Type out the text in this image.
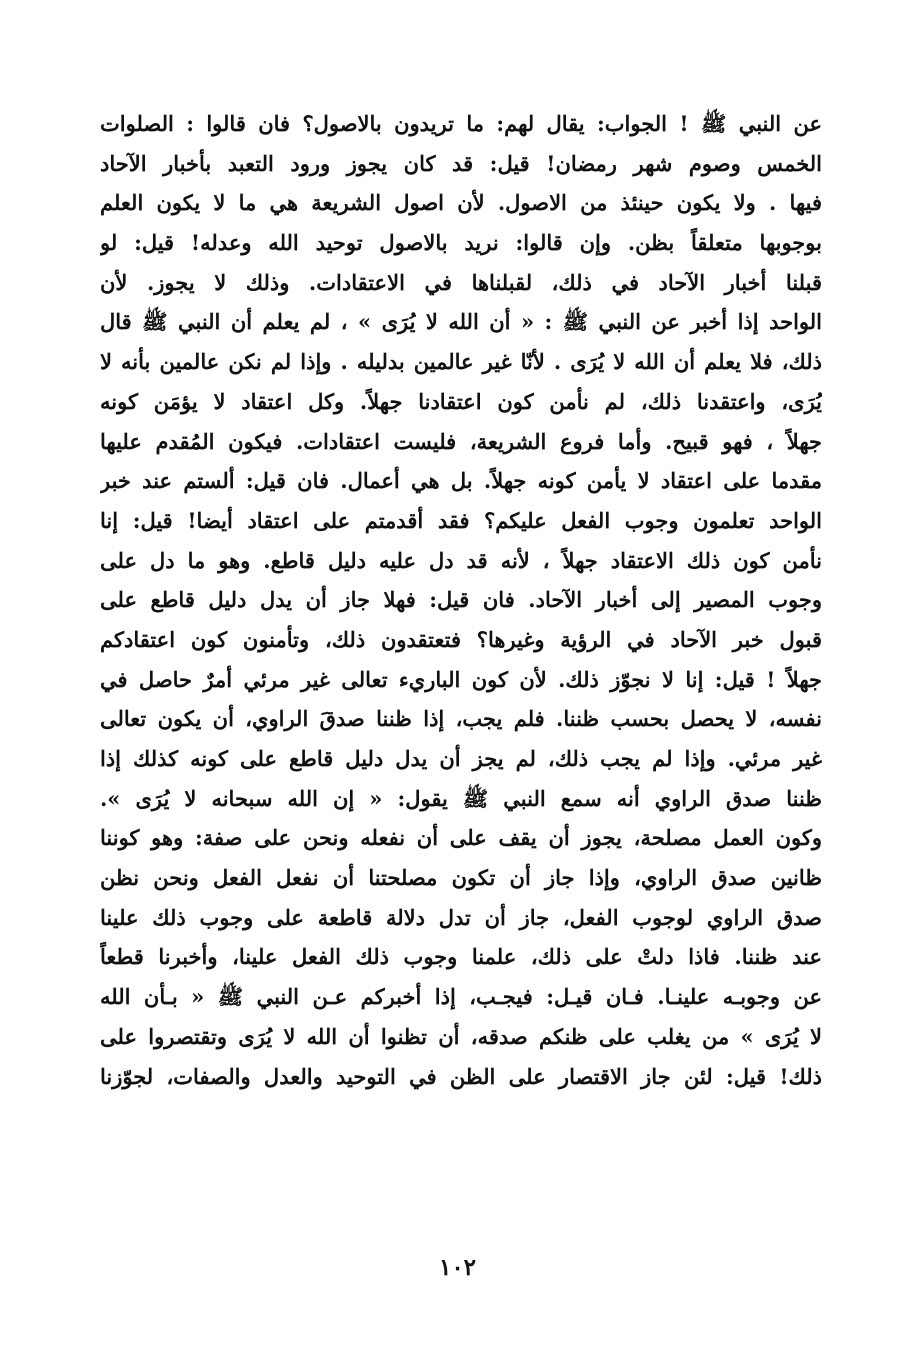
عن النبي ﷺ ! الجواب: يقال لهم: ما تريدون بالاصول؟ فان قالوا : الصلوات
الخمس وصوم شهر رمضان! قيل: قد كان يجوز ورود التعبد بأخبار الآحاد
فيها . ولا يكون حينئذ من الاصول. لأن اصول الشريعة هي ما لا يكون العلم
بوجوبها متعلقاً بظن. وإن قالوا: نريد بالاصول توحيد الله وعدله! قيل: لو
قبلنا أخبار الآحاد في ذلك، لقبلناها في الاعتقادات. وذلك لا يجوز. لأن
الواحد إذا أخبر عن النبي ﷺ : « أن الله لا يُرَى » ، لم يعلم أن النبي ﷺ قال
ذلك، فلا يعلم أن الله لا يُرَى . لأنّا غير عالمين بدليله . وإذا لم نكن عالمين بأنه لا
يُرَى، واعتقدنا ذلك، لم نأمن كون اعتقادنا جهلاً. وكل اعتقاد لا يؤمَن كونه
جهلاً ، فهو قبيح. وأما فروع الشريعة، فليست اعتقادات. فيكون المُقدم عليها
مقدما على اعتقاد لا يأمن كونه جهلاً. بل هي أعمال. فان قيل: ألستم عند خبر
الواحد تعلمون وجوب الفعل عليكم؟ فقد أقدمتم على اعتقاد أيضا! قيل: إنا
نأمن كون ذلك الاعتقاد جهلاً ، لأنه قد دل عليه دليل قاطع. وهو ما دل على
وجوب المصير إلى أخبار الآحاد. فان قيل: فهلا جاز أن يدل دليل قاطع على
قبول خبر الآحاد في الرؤية وغيرها؟ فتعتقدون ذلك، وتأمنون كون اعتقادكم
جهلاً ! قيل: إنا لا نجوّز ذلك. لأن كون الباريء تعالى غير مرئي أمرٌ حاصل في
نفسه، لا يحصل بحسب ظننا. فلم يجب، إذا ظننا صدقَ الراوي، أن يكون تعالى
غير مرئي. وإذا لم يجب ذلك، لم يجز أن يدل دليل قاطع على كونه كذلك إذا
ظننا صدق الراوي أنه سمع النبي ﷺ يقول: « إن الله سبحانه لا يُرَى ».
وكون العمل مصلحة، يجوز أن يقف على أن نفعله ونحن على صفة: وهو كوننا
ظانين صدق الراوي، وإذا جاز أن تكون مصلحتنا أن نفعل الفعل ونحن نظن
صدق الراوي لوجوب الفعل، جاز أن تدل دلالة قاطعة على وجوب ذلك علينا
عند ظننا. فاذا دلتْ على ذلك، علمنا وجوب ذلك الفعل علينا، وأخبرنا قطعاً
عن وجوبـه علينـا. فـان قيـل: فيجـب، إذا أخبركم عـن النبي ﷺ « بـأن الله
لا يُرَى » من يغلب على ظنكم صدقه، أن تظنوا أن الله لا يُرَى وتقتصروا على
ذلك! قيل: لئن جاز الاقتصار على الظن في التوحيد والعدل والصفات، لجوّزنا
١٠٢
